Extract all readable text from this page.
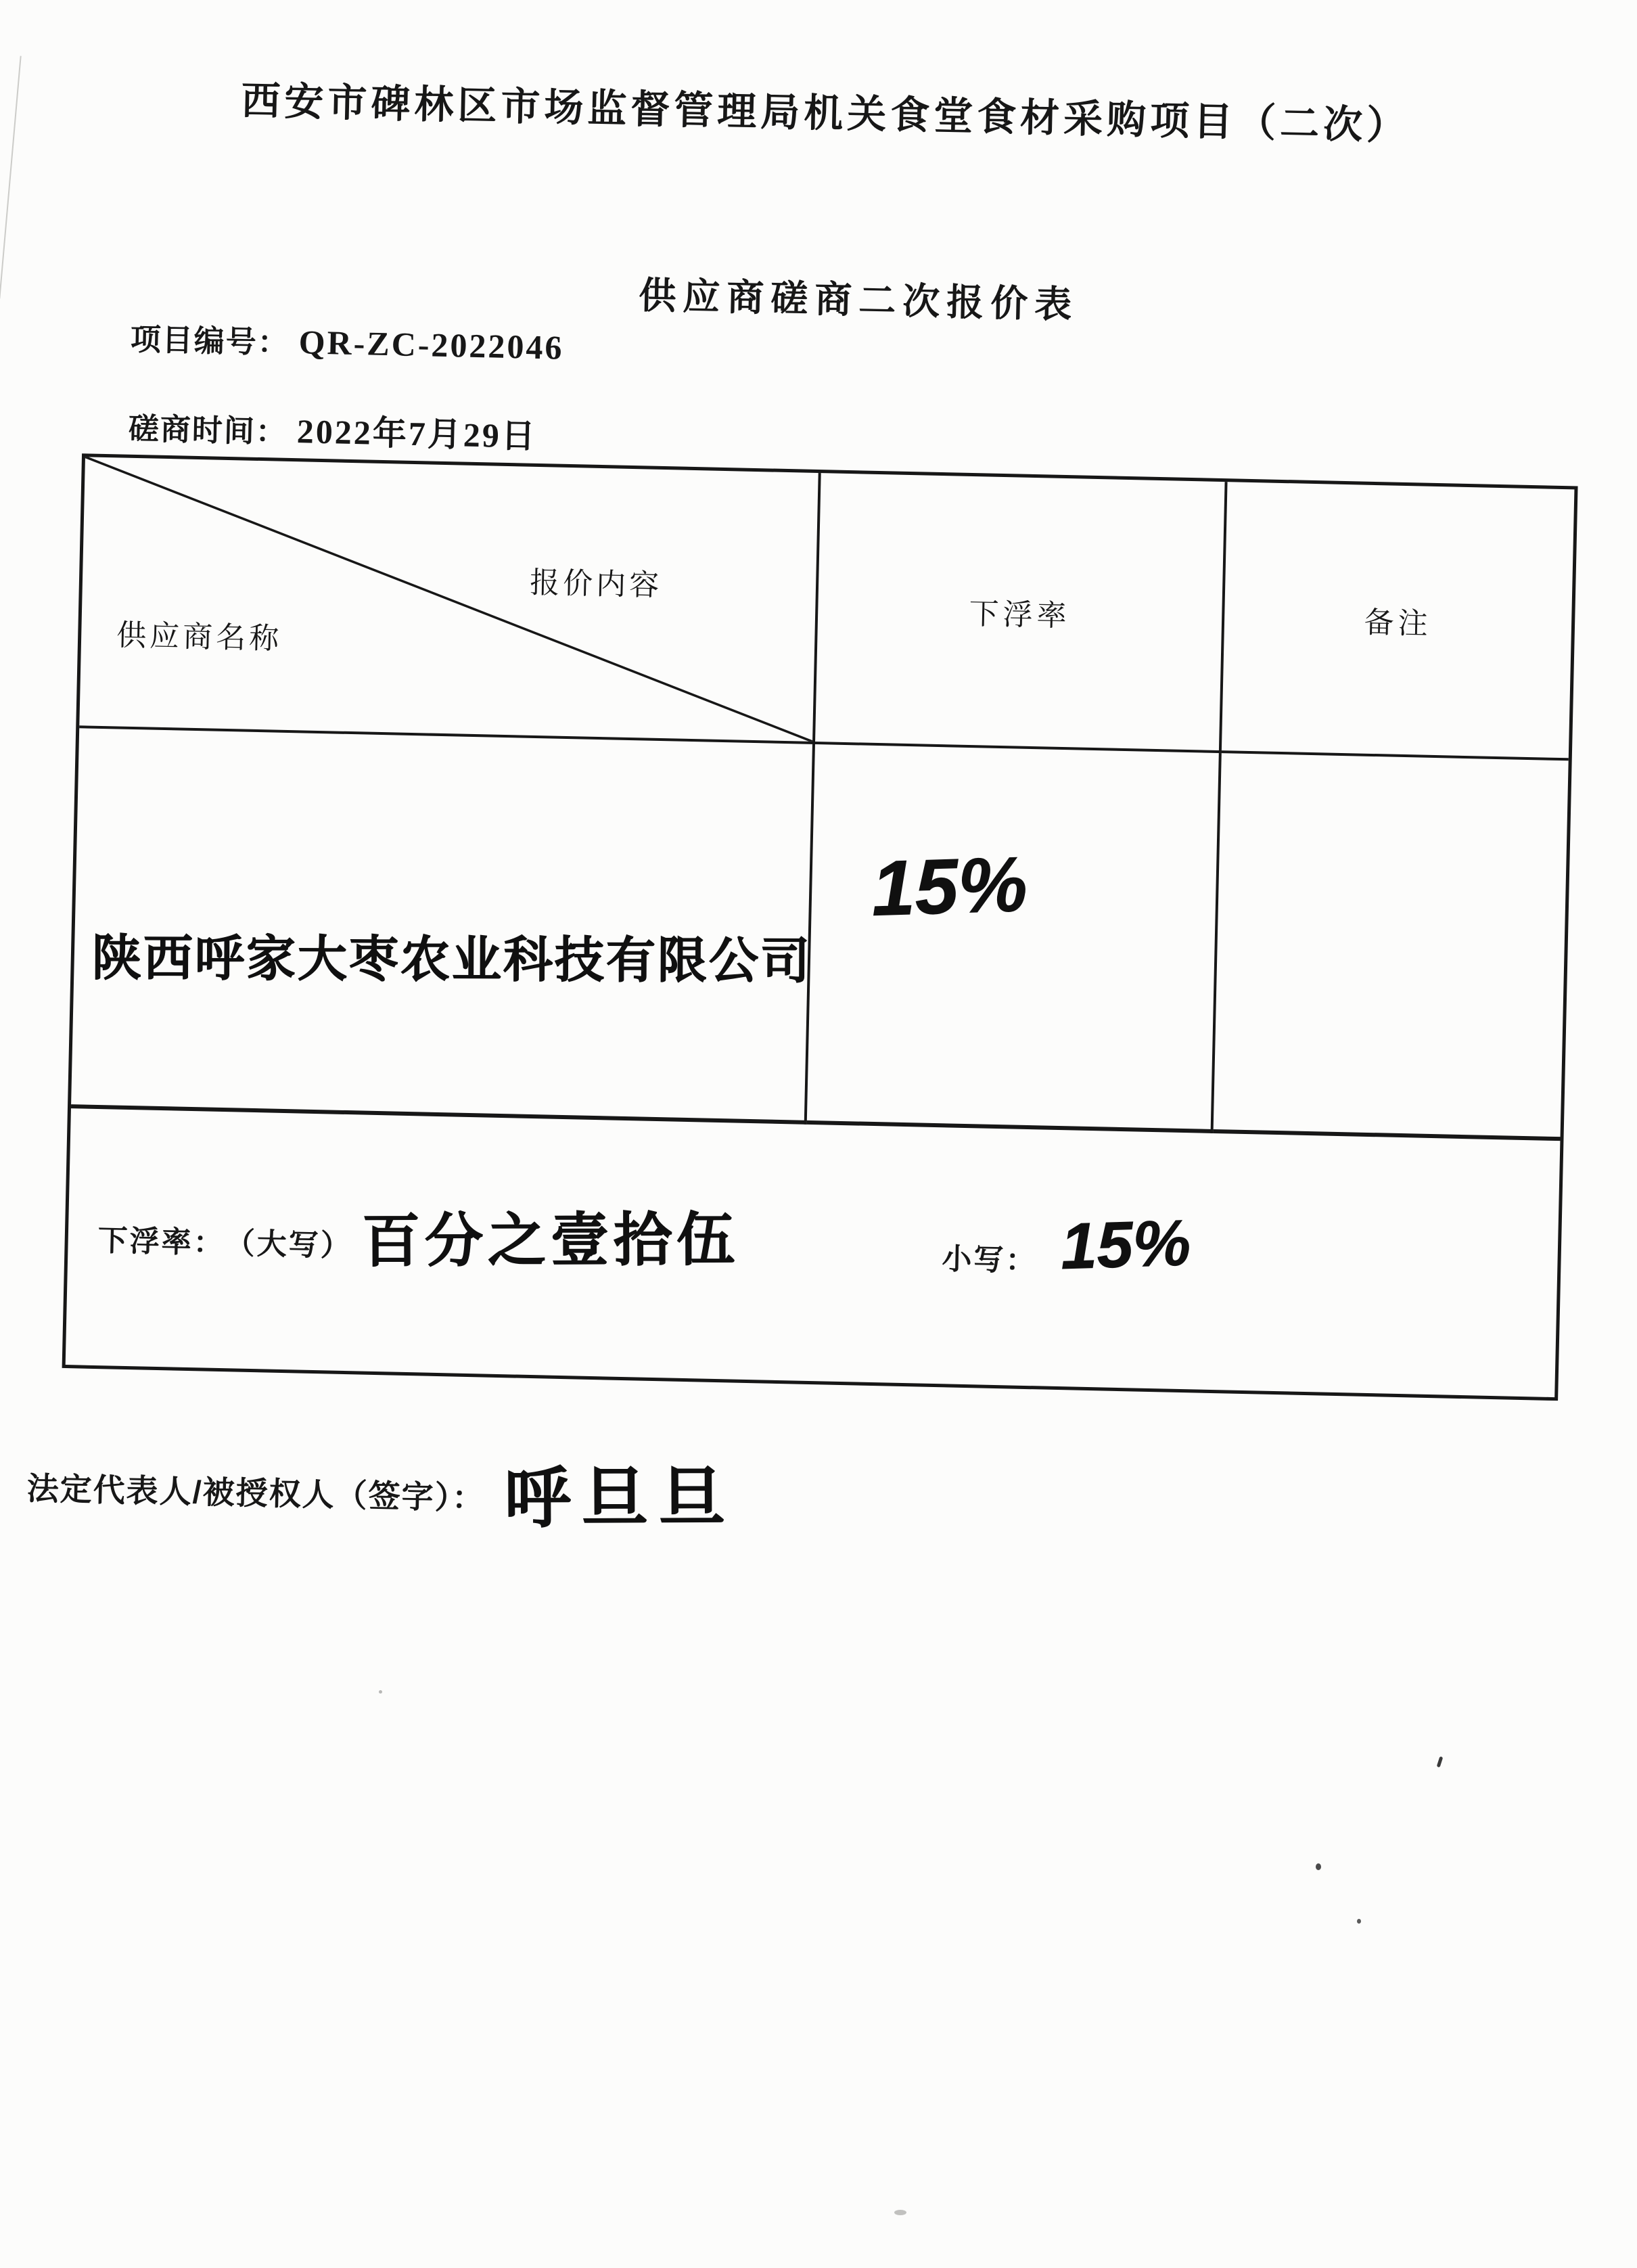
西安市碑林区市场监督管理局机关食堂食材采购项目（二次）
供应商磋商二次报价表
项目编号： QR-ZC-2022046
磋商时间： 2022年7月29日
报价内容
供应商名称
下浮率	备注
陕西呼家大枣农业科技有限公司
15%
下浮率：
（大写） 百分之壹拾伍	小写： 15%
法定代表人/被授权人（签字）： 呼旦旦
